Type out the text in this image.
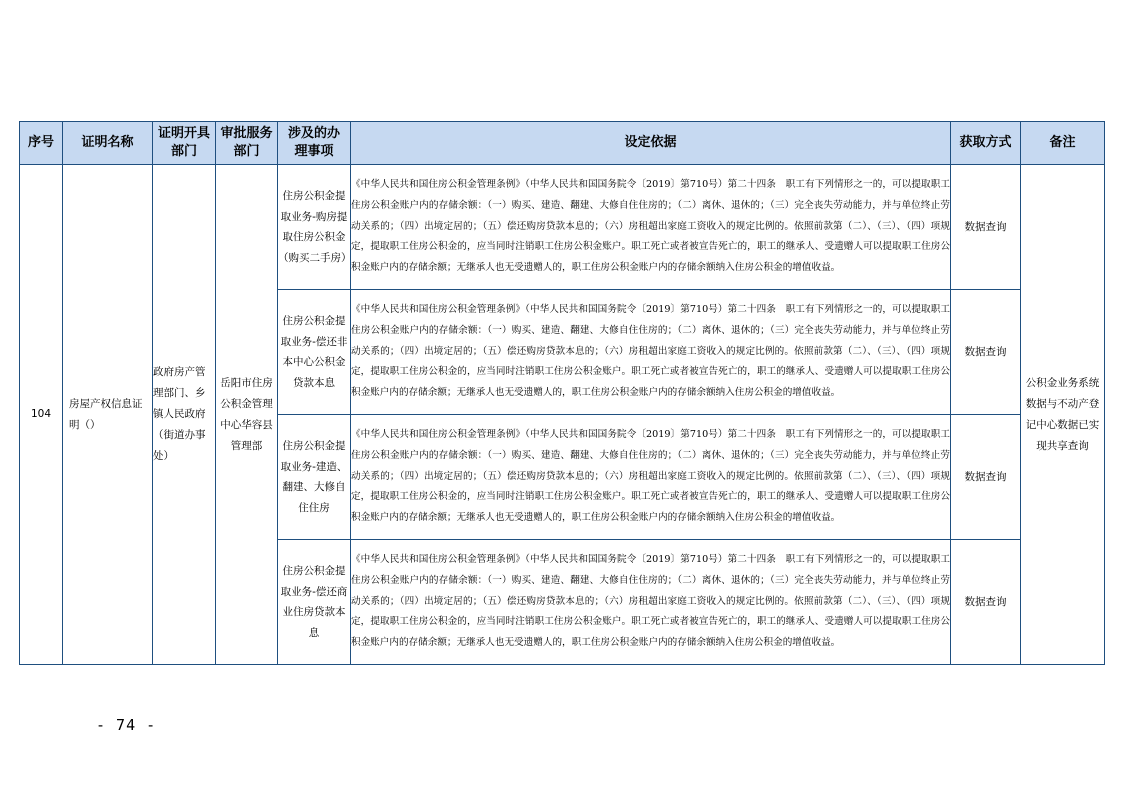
序号	证明名称	证明开具部门	审批服务部门	涉及的办理事项	设定依据	获取方式	备注
104	房屋产权信息证明（）	政府房产管理部门、乡镇人民政府（街道办事处）	岳阳市住房公积金管理中心华容县管理部	住房公积金提取业务-购房提取住房公积金（购买二手房）	《中华人民共和国住房公积金管理条例》（中华人民共和国国务院令〔2019〕第710号）第二十四条　职工有下列情形之一的，可以提取职工住房公积金账户内的存储余额：（一）购买、建造、翻建、大修自住住房的；（二）离休、退休的；（三）完全丧失劳动能力，并与单位终止劳动关系的；（四）出境定居的；（五）偿还购房贷款本息的；（六）房租超出家庭工资收入的规定比例的。依照前款第（二）、（三）、（四）项规定，提取职工住房公积金的，应当同时注销职工住房公积金账户。职工死亡或者被宣告死亡的，职工的继承人、受遗赠人可以提取职工住房公积金账户内的存储余额；无继承人也无受遗赠人的，职工住房公积金账户内的存储余额纳入住房公积金的增值收益。	数据查询	公积金业务系统数据与不动产登记中心数据已实现共享查询
				住房公积金提取业务-偿还非本中心公积金贷款本息	《中华人民共和国住房公积金管理条例》（中华人民共和国国务院令〔2019〕第710号）第二十四条　职工有下列情形之一的，可以提取职工住房公积金账户内的存储余额：（一）购买、建造、翻建、大修自住住房的；（二）离休、退休的；（三）完全丧失劳动能力，并与单位终止劳动关系的；（四）出境定居的；（五）偿还购房贷款本息的；（六）房租超出家庭工资收入的规定比例的。依照前款第（二）、（三）、（四）项规定，提取职工住房公积金的，应当同时注销职工住房公积金账户。职工死亡或者被宣告死亡的，职工的继承人、受遗赠人可以提取职工住房公积金账户内的存储余额；无继承人也无受遗赠人的，职工住房公积金账户内的存储余额纳入住房公积金的增值收益。	数据查询	
				住房公积金提取业务-建造、翻建、大修自住住房	《中华人民共和国住房公积金管理条例》（中华人民共和国国务院令〔2019〕第710号）第二十四条　职工有下列情形之一的，可以提取职工住房公积金账户内的存储余额：（一）购买、建造、翻建、大修自住住房的；（二）离休、退休的；（三）完全丧失劳动能力，并与单位终止劳动关系的；（四）出境定居的；（五）偿还购房贷款本息的；（六）房租超出家庭工资收入的规定比例的。依照前款第（二）、（三）、（四）项规定，提取职工住房公积金的，应当同时注销职工住房公积金账户。职工死亡或者被宣告死亡的，职工的继承人、受遗赠人可以提取职工住房公积金账户内的存储余额；无继承人也无受遗赠人的，职工住房公积金账户内的存储余额纳入住房公积金的增值收益。	数据查询	
				住房公积金提取业务-偿还商业住房贷款本息	《中华人民共和国住房公积金管理条例》（中华人民共和国国务院令〔2019〕第710号）第二十四条　职工有下列情形之一的，可以提取职工住房公积金账户内的存储余额：（一）购买、建造、翻建、大修自住住房的；（二）离休、退休的；（三）完全丧失劳动能力，并与单位终止劳动关系的；（四）出境定居的；（五）偿还购房贷款本息的；（六）房租超出家庭工资收入的规定比例的。依照前款第（二）、（三）、（四）项规定，提取职工住房公积金的，应当同时注销职工住房公积金账户。职工死亡或者被宣告死亡的，职工的继承人、受遗赠人可以提取职工住房公积金账户内的存储余额；无继承人也无受遗赠人的，职工住房公积金账户内的存储余额纳入住房公积金的增值收益。	数据查询	
- 74 -
